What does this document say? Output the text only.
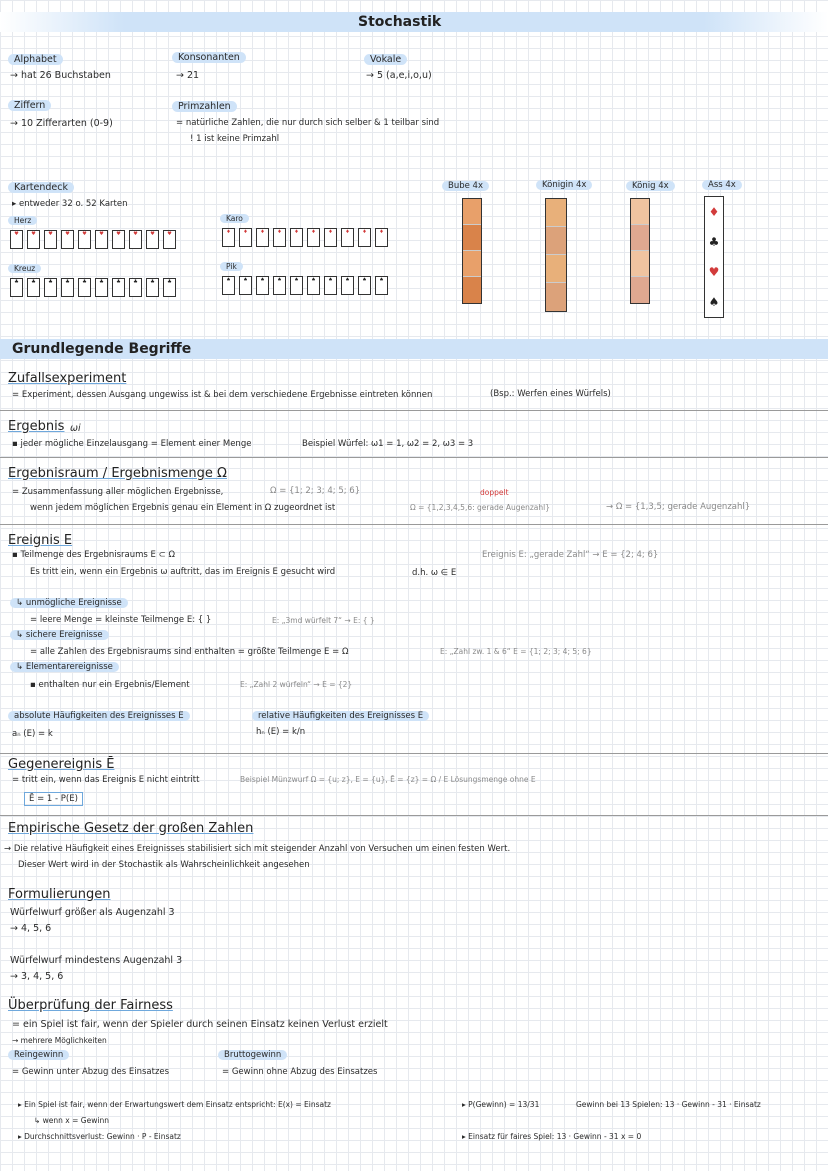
Stochastik
Alphabet
→ hat 26 Buchstaben
Konsonanten
→ 21
Vokale
→ 5 (a,e,i,o,u)
Ziffern
→ 10 Zifferarten (0-9)
Primzahlen
= natürliche Zahlen, die nur durch sich selber & 1 teilbar sind
! 1 ist keine Primzahl
Kartendeck
▸ entweder 32 o. 52 Karten
Herz
♥	♥	♥	♥	♥	♥	♥	♥	♥	♥
Karo
♦	♦	♦	♦	♦	♦	♦	♦	♦	♦
Kreuz
♣	♣	♣	♣	♣	♣	♣	♣	♣	♣
Pik
♠	♠	♠	♠	♠	♠	♠	♠	♠	♠
Bube 4x	Königin 4x	König 4x	Ass 4x
♦
♣
♥
♠
Grundlegende Begriffe
Zufallsexperiment
= Experiment, dessen Ausgang ungewiss ist & bei dem verschiedene Ergebnisse eintreten können	(Bsp.: Werfen eines Würfels)
Ergebnis ωi
▪ jeder mögliche Einzelausgang = Element einer Menge	Beispiel Würfel: ω1 = 1, ω2 = 2, ω3 = 3
Ergebnisraum / Ergebnismenge Ω
= Zusammenfassung aller möglichen Ergebnisse,	Ω = {1; 2; 3; 4; 5; 6}
wenn jedem möglichen Ergebnis genau ein Element in Ω zugeordnet ist
doppelt
Ω = {1,2,3,4,5,6: gerade Augenzahl}	→ Ω = {1,3,5; gerade Augenzahl}
Ereignis E
▪ Teilmenge des Ergebnisraums E ⊂ Ω
Es tritt ein, wenn ein Ergebnis ω auftritt, das im Ereignis E gesucht wird	d.h. ω ∈ E
Ereignis E: „gerade Zahl“ → E = {2; 4; 6}
↳ unmögliche Ereignisse
= leere Menge = kleinste Teilmenge E: { }	E: „3md würfelt 7“ → E: { }
↳ sichere Ereignisse
= alle Zahlen des Ergebnisraums sind enthalten = größte Teilmenge E = Ω	E: „Zahl zw. 1 & 6“ E = {1; 2; 3; 4; 5; 6}
↳ Elementarereignisse
▪ enthalten nur ein Ergebnis/Element	E: „Zahl 2 würfeln“ → E = {2}
absolute Häufigkeiten des Ereignisses E
aₙ (E) = k
relative Häufigkeiten des Ereignisses E
hₙ (E) = k/n
Gegenereignis Ē
= tritt ein, wenn das Ereignis E nicht eintritt	Beispiel Münzwurf Ω = {u; z}, E = {u}, Ē = {z} = Ω / E Lösungsmenge ohne E
Ē = 1 - P(E)
Empirische Gesetz der großen Zahlen
→ Die relative Häufigkeit eines Ereignisses stabilisiert sich mit steigender Anzahl von Versuchen um einen festen Wert.
Dieser Wert wird in der Stochastik als Wahrscheinlichkeit angesehen
Formulierungen
Würfelwurf größer als Augenzahl 3
→ 4, 5, 6
Würfelwurf mindestens Augenzahl 3
→ 3, 4, 5, 6
Überprüfung der Fairness
= ein Spiel ist fair, wenn der Spieler durch seinen Einsatz keinen Verlust erzielt
→ mehrere Möglichkeiten
Reingewinn
= Gewinn unter Abzug des Einsatzes
Bruttogewinn
= Gewinn ohne Abzug des Einsatzes
▸ Ein Spiel ist fair, wenn der Erwartungswert dem Einsatz entspricht: E(x) = Einsatz
↳ wenn x = Gewinn
▸ Durchschnittsverlust: Gewinn · P - Einsatz
▸ P(Gewinn) = 13/31	Gewinn bei 13 Spielen: 13 · Gewinn - 31 · Einsatz
▸ Einsatz für faires Spiel: 13 · Gewinn - 31 x = 0
